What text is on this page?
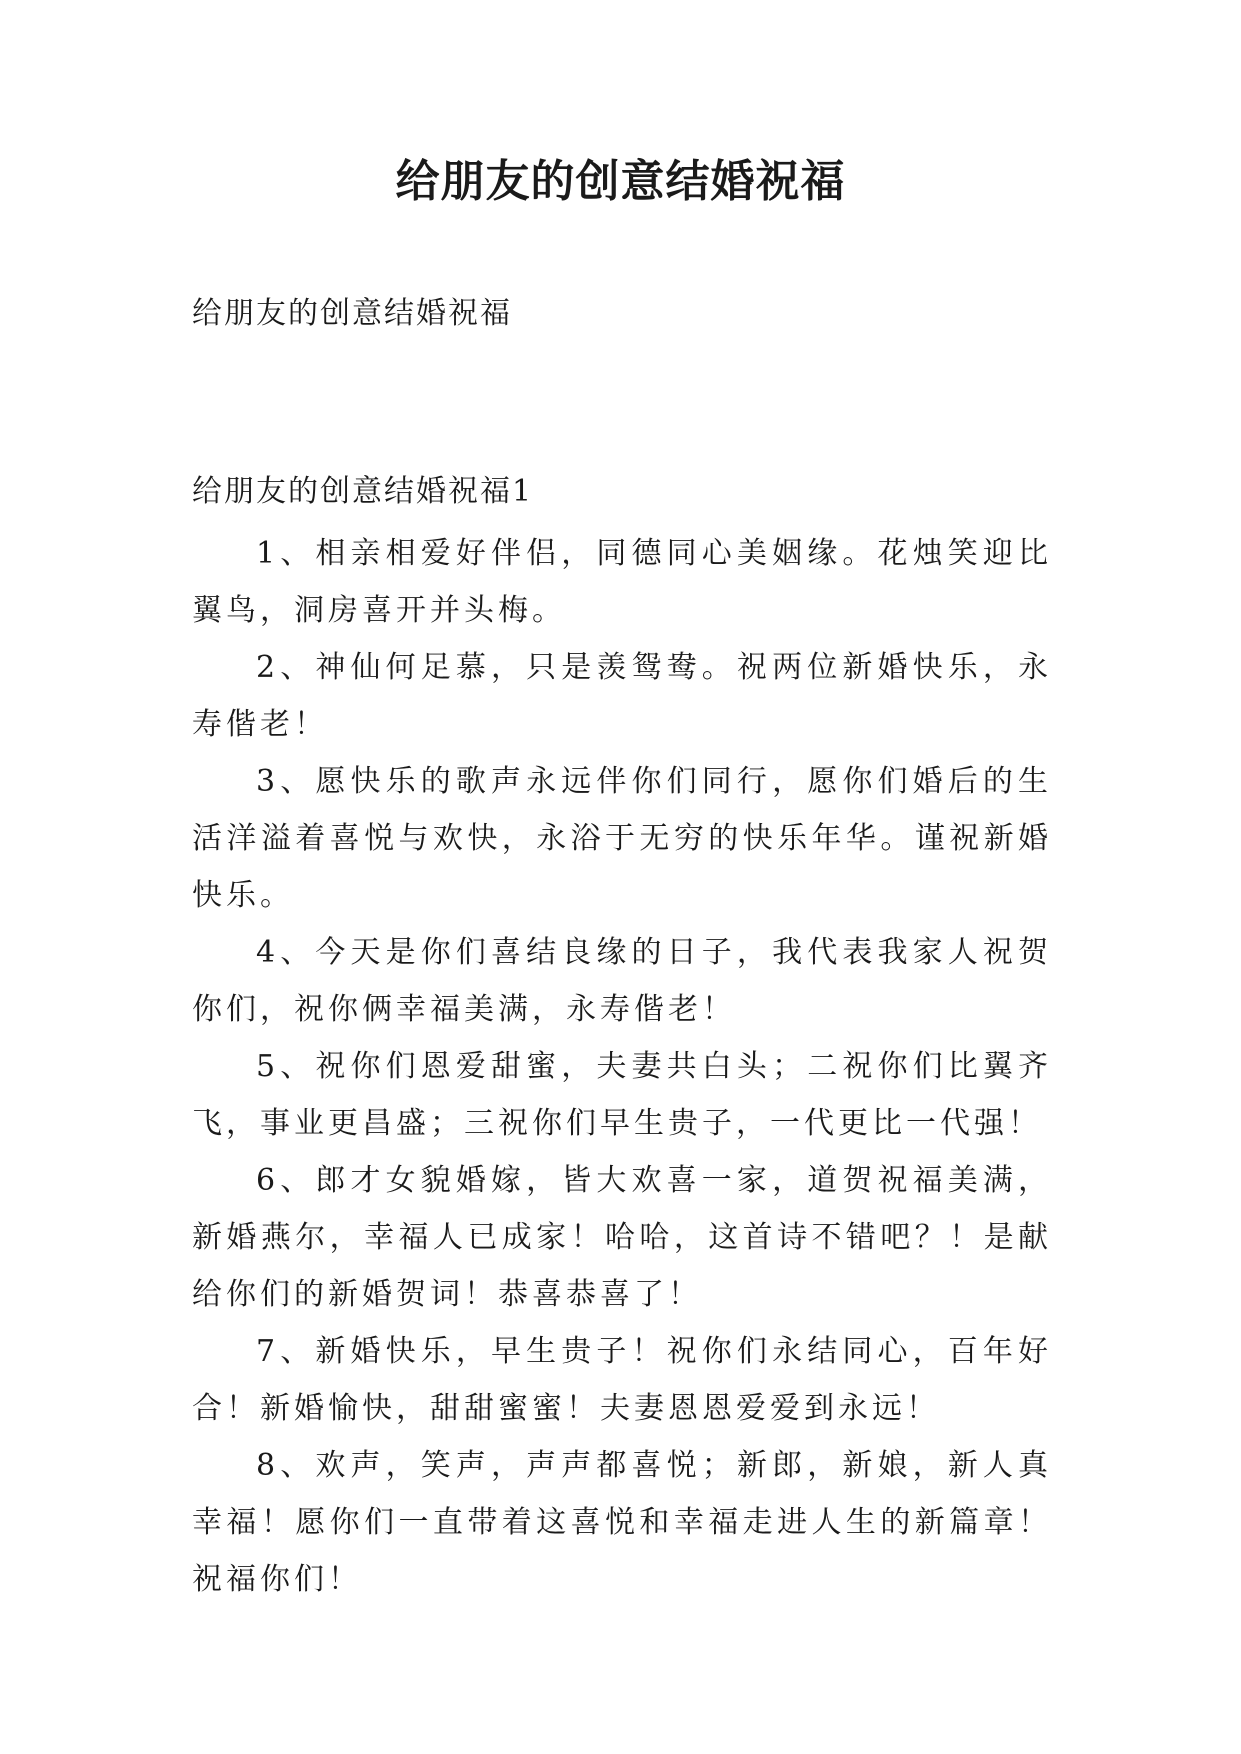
给朋友的创意结婚祝福

给朋友的创意结婚祝福

给朋友的创意结婚祝福1

1、相亲相爱好伴侣，同德同心美姻缘。花烛笑迎比翼鸟，洞房喜开并头梅。

2、神仙何足慕，只是羡鸳鸯。祝两位新婚快乐，永寿偕老！

3、愿快乐的歌声永远伴你们同行，愿你们婚后的生活洋溢着喜悦与欢快，永浴于无穷的快乐年华。谨祝新婚快乐。

4、今天是你们喜结良缘的日子，我代表我家人祝贺你们，祝你俩幸福美满，永寿偕老！

5、祝你们恩爱甜蜜，夫妻共白头；二祝你们比翼齐飞，事业更昌盛；三祝你们早生贵子，一代更比一代强！

6、郎才女貌婚嫁，皆大欢喜一家，道贺祝福美满，新婚燕尔，幸福人已成家！哈哈，这首诗不错吧？！是献给你们的新婚贺词！恭喜恭喜了！

7、新婚快乐，早生贵子！祝你们永结同心，百年好合！新婚愉快，甜甜蜜蜜！夫妻恩恩爱爱到永远！

8、欢声，笑声，声声都喜悦；新郎，新娘，新人真幸福！愿你们一直带着这喜悦和幸福走进人生的新篇章！祝福你们！
